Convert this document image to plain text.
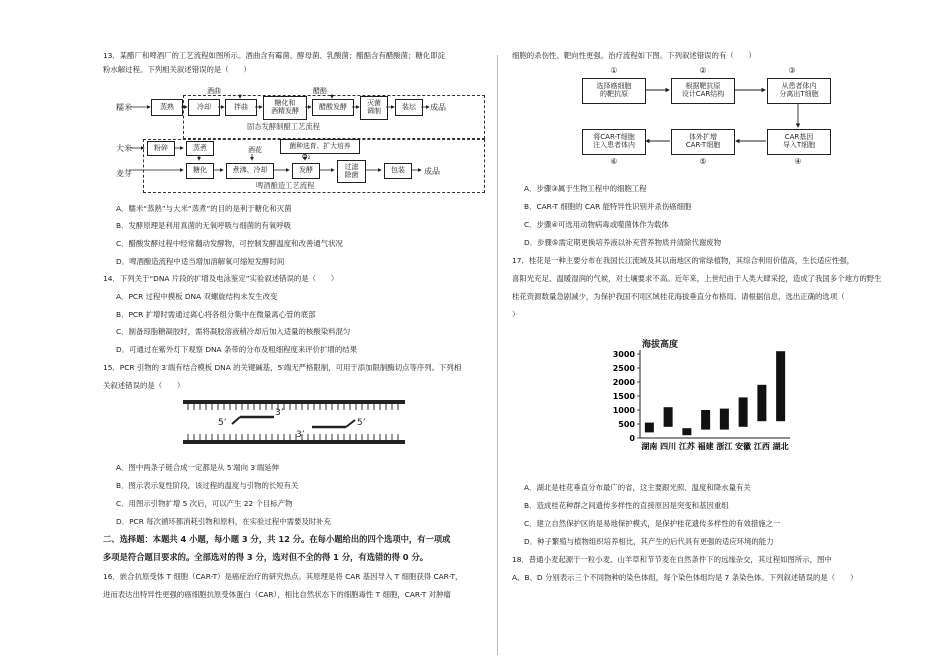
13．某醋厂和啤酒厂的工艺流程如图所示。酒曲含有霉菌、酵母菌、乳酸菌；醋醅含有醋酸菌；糖化即淀
粉水解过程。下列相关叙述错误的是（　　）
糯米
酒曲	醋醅
蒸熟	冷却	拌曲	糖化和
酒精发酵
醋酸发酵	灭菌
调制
装坛	成品
固态发酵制醋工艺流程
大米
麦芽
粉碎	蒸煮	酒花
菌种选育、扩大培养
O₂
糖化	煮沸、冷却	发酵	过滤
除菌
包装	成品
啤酒酿造工艺流程
A．糯米“蒸熟”与大米“蒸煮”的目的是利于糖化和灭菌
B．发酵原理是利用真菌的无氧呼吸与细菌的有氧呼吸
C．醋酸发酵过程中经常翻动发酵物，可控制发酵温度和改善通气状况
D．啤酒酿造流程中适当增加溶解氧可缩短发酵时间
14．下列关于“DNA 片段的扩增及电泳鉴定”实验叙述错误的是（　　）
A．PCR 过程中模板 DNA 双螺旋结构未发生改变
B．PCR 扩增时需通过离心将各组分集中在微量离心管的底部
C．制备琼脂糖凝胶时，需将凝胶溶液稍冷却后加入适量的核酸染料混匀
D．可通过在紫外灯下观察 DNA 条带的分布及粗细程度来评价扩增的结果
15．PCR 引物的 3′端有结合模板 DNA 的关键碱基，5′端无严格限制，可用于添加限制酶切点等序列。下列相
关叙述错误的是（　　）
5’
3’
3’
5’
A．图中两条子链合成一定都是从 5′端向 3′端延伸
B．图示表示复性阶段，该过程的温度与引物的长短有关
C．用图示引物扩增 5 次后，可以产生 22 个目标产物
D．PCR 每次循环都消耗引物和原料，在实验过程中需要及时补充
二、选择题：本题共 4 小题，每小题 3 分，共 12 分。在每小题给出的四个选项中，有一项或
多项是符合题目要求的。全部选对的得 3 分，选对但不全的得 1 分，有选错的得 0 分。
16．嵌合抗原受体 T 细胞（CAR-T）是癌症治疗的研究热点。其原理是将 CAR 基因导入 T 细胞获得 CAR-T，
进而表达出特异性更强的癌细胞抗原受体蛋白（CAR），相比自然状态下的细胞毒性 T 细胞，CAR-T 对肿瘤
细胞的杀伤性、靶向性更强。治疗流程如下图。下列叙述错误的有（　　）
①	②	③
选择癌细胞
的靶抗原
根据靶抗原
设计CAR结构
从患者体内
分离出T细胞
将CAR-T细胞
注入患者体内
体外扩增
CAR-T细胞
CAR基因
导入T细胞
⑥	⑤	④
A．步骤③属于生物工程中的细胞工程
B．CAR-T 细胞的 CAR 能特异性识别并杀伤癌细胞
C．步骤④可选用动物病毒或噬菌体作为载体
D．步骤⑤需定期更换培养液以补充营养物质并清除代谢废物
17．桂花是一种主要分布在我国长江流域及其以南地区的常绿植物，其综合利用价值高，生长适应性强，
喜阳光充足、温暖湿润的气候，对土壤要求不高。近年来，上世纪由于人类大肆采挖，造成了我国多个地方的野生
桂花资源数量急剧减少，为保护我国不同区域桂花海拔垂直分布格局。请根据信息，选出正确的选项（
）
海拔高度
0
500
1000
1500
2000
2500
3000
湖南 四川 江苏 福建 浙江 安徽 江西 湖北
A．湖北是桂花垂直分布最广的省，这主要跟光照、温度和降水量有关
B．造成桂花种群之间遗传多样性的直接原因是突变和基因重组
C．建立自然保护区的是易地保护模式，是保护桂花遗传多样性的有效措施之一
D．种子繁殖与植物组织培养相比，其产生的后代具有更强的适应环境的能力
18．普通小麦起源于一粒小麦、山羊草和节节麦在自然条件下的远缘杂交，其过程如图所示，图中
A、B、D 分别表示三个不同物种的染色体组，每个染色体组均是 7 条染色体。下列叙述错误的是（　　）
